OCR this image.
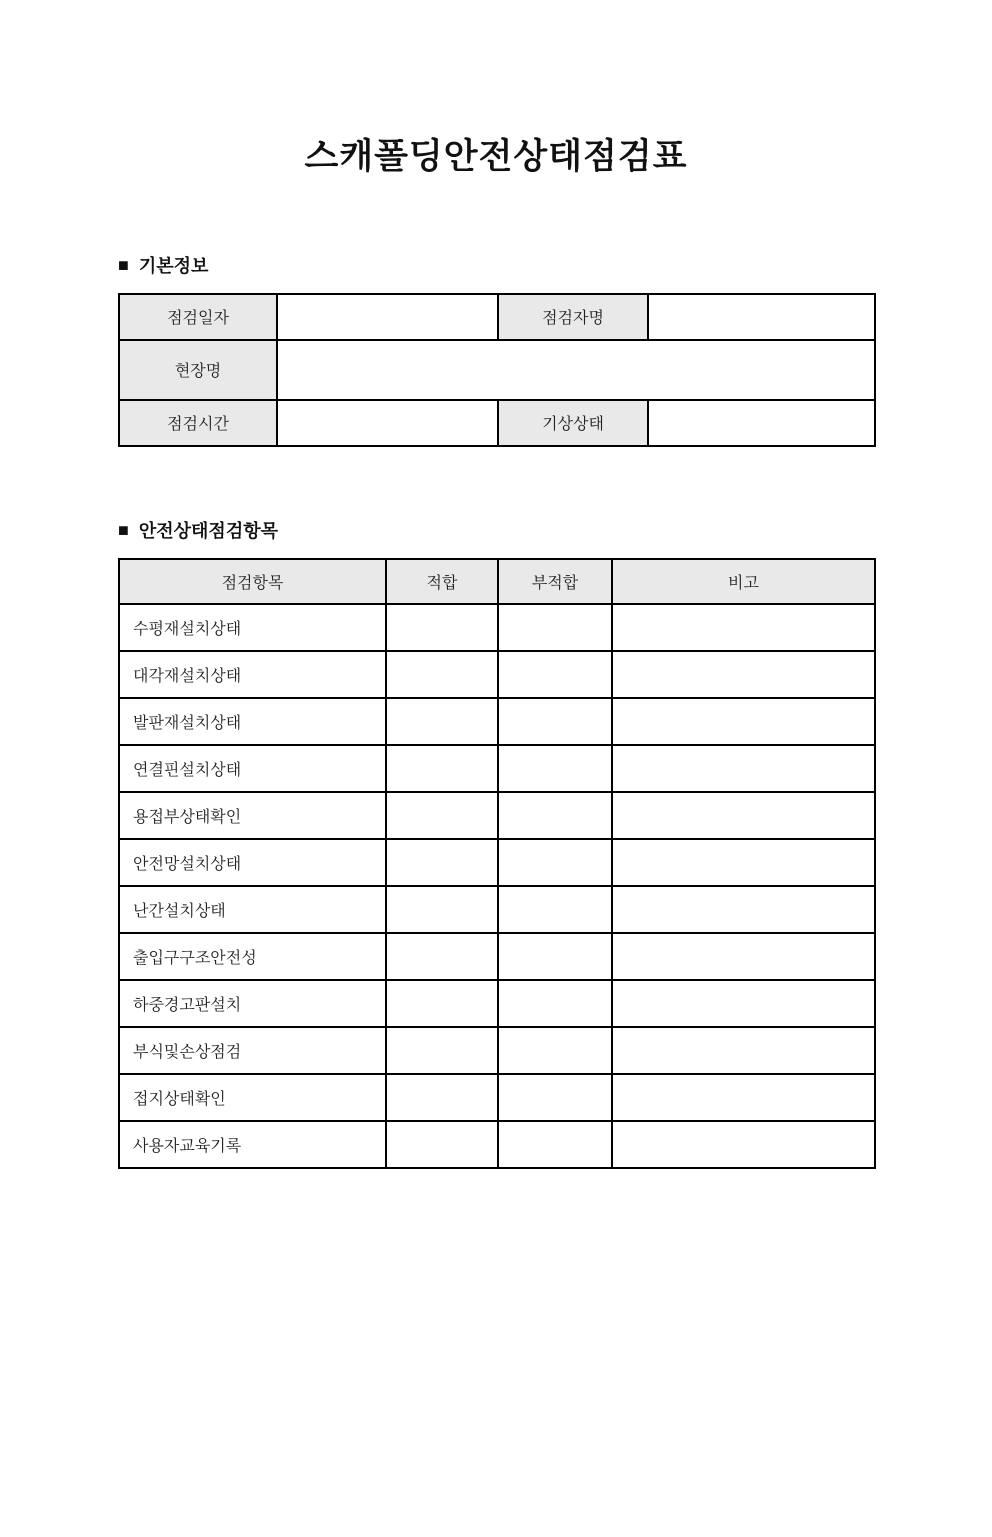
스캐폴딩안전상태점검표
■ 기본정보
점검일자		점검자명	
현장명			
점검시간		기상상태	
■ 안전상태점검항목
점검항목	적합	부적합	비고
수평재설치상태			
대각재설치상태			
발판재설치상태			
연결핀설치상태			
용접부상태확인			
안전망설치상태			
난간설치상태			
출입구구조안전성			
하중경고판설치			
부식및손상점검			
접지상태확인			
사용자교육기록			
